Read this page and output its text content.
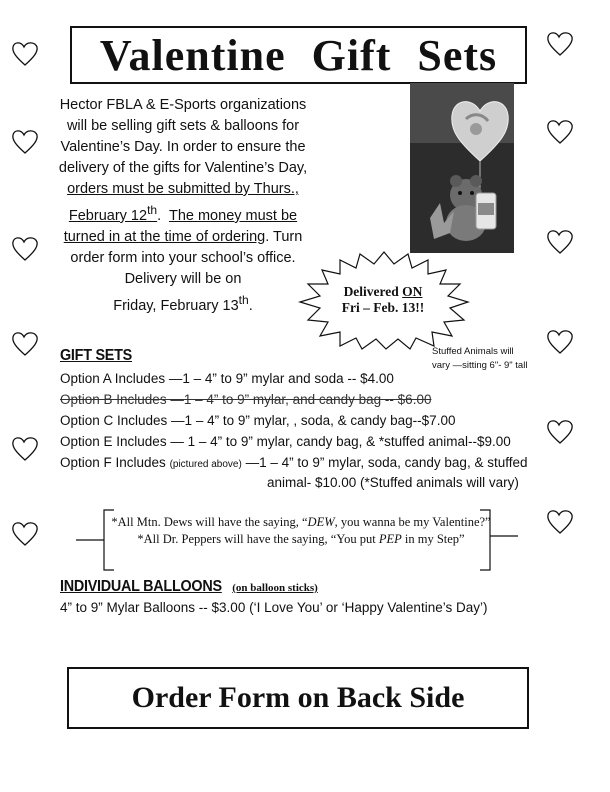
Valentine Gift Sets
Hector FBLA & E-Sports organizations
will be selling gift sets & balloons for
Valentine’s Day. In order to ensure the
delivery of the gifts for Valentine’s Day,
orders must be submitted by Thurs.,
February 12th. The money must be
turned in at the time of ordering. Turn
order form into your school’s office.
Delivery will be on
Friday, February 13th.
Delivered ON
Fri – Feb. 13!!
Stuffed Animals will
vary —sitting 6"- 9" tall
GIFT SETS
Option A Includes —1 – 4” to 9” mylar and soda -- $4.00
Option B Includes —1 – 4” to 9” mylar, and candy bag -- $6.00
Option C Includes —1 – 4” to 9” mylar, , soda, & candy bag--$7.00
Option E Includes — 1 – 4” to 9” mylar, candy bag, & *stuffed animal--$9.00
Option F Includes (pictured above) —1 – 4” to 9” mylar, soda, candy bag, & stuffed
animal- $10.00 (*Stuffed animals will vary)
*All Mtn. Dews will have the saying, “DEW, you wanna be my Valentine?”
*All Dr. Peppers will have the saying, “You put PEP in my Step”
INDIVIDUAL BALLOONS (on balloon sticks)
4” to 9” Mylar Balloons -- $3.00 (‘I Love You’ or ‘Happy Valentine’s Day’)
Order Form on Back Side
